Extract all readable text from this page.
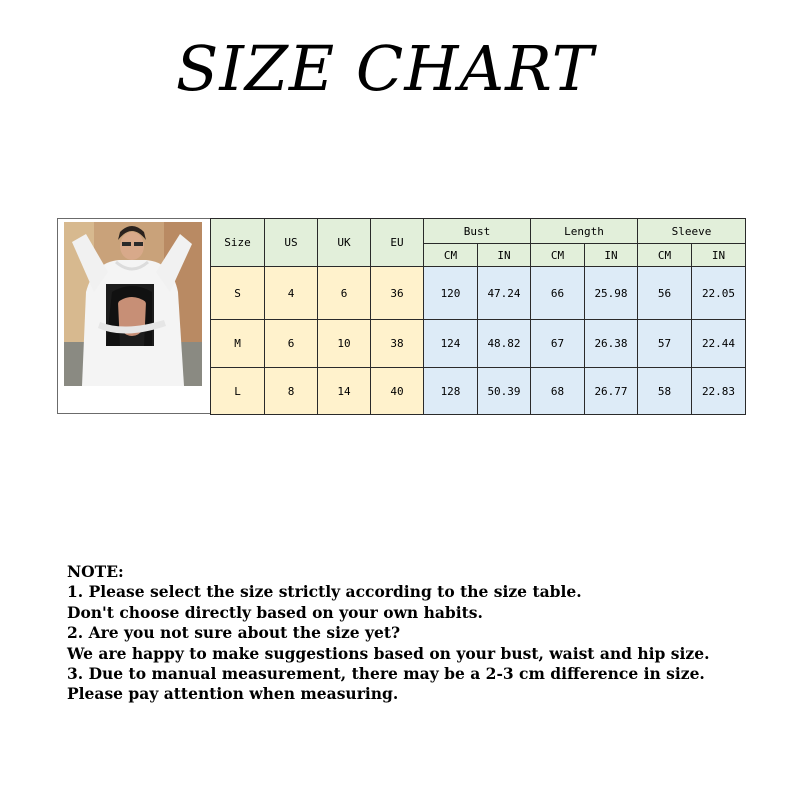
SIZE CHART
Size	US	UK	EU	Bust		Length		Sleeve	
				CM	IN	CM	IN	CM	IN
S	4	6	36	120	47.24	66	25.98	56	22.05
M	6	10	38	124	48.82	67	26.38	57	22.44
L	8	14	40	128	50.39	68	26.77	58	22.83
NOTE:
1. Please select the size strictly according to the size table.
Don't choose directly based on your own habits.
2. Are you not sure about the size yet?
We are happy to make suggestions based on your bust, waist and hip size.
3. Due to manual measurement, there may be a 2-3 cm difference in size.
Please pay attention when measuring.
